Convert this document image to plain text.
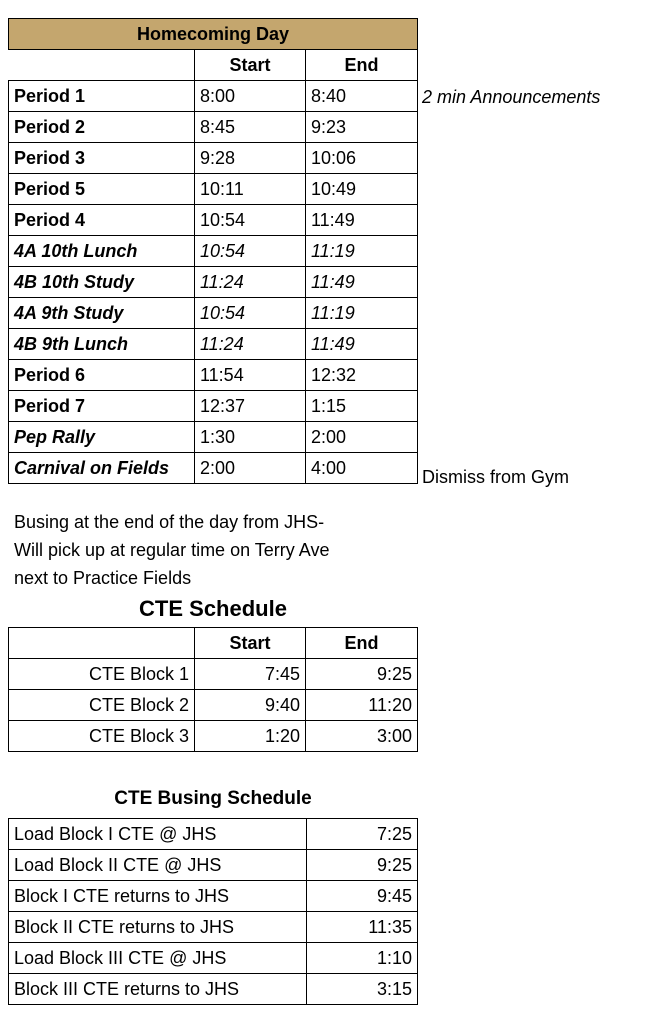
Homecoming Day		
	Start	End
Period 1	8:00	8:40
Period 2	8:45	9:23
Period 3	9:28	10:06
Period 5	10:11	10:49
Period 4	10:54	11:49
4A 10th Lunch	10:54	11:19
4B 10th Study	11:24	11:49
4A 9th Study	10:54	11:19
4B 9th Lunch	11:24	11:49
Period 6	11:54	12:32
Period 7	12:37	1:15
Pep Rally	1:30	2:00
Carnival on Fields	2:00	4:00
2 min Announcements
Dismiss from Gym
Busing at the end of the day from JHS-
Will pick up at regular time on Terry Ave
next to Practice Fields
CTE Schedule
	Start	End
CTE Block 1	7:45	9:25
CTE Block 2	9:40	11:20
CTE Block 3	1:20	3:00
CTE Busing Schedule
Load Block I CTE @ JHS	7:25
Load Block II CTE @ JHS	9:25
Block I CTE returns to JHS	9:45
Block II CTE returns to JHS	11:35
Load Block III CTE @ JHS	1:10
Block III CTE returns to JHS	3:15
